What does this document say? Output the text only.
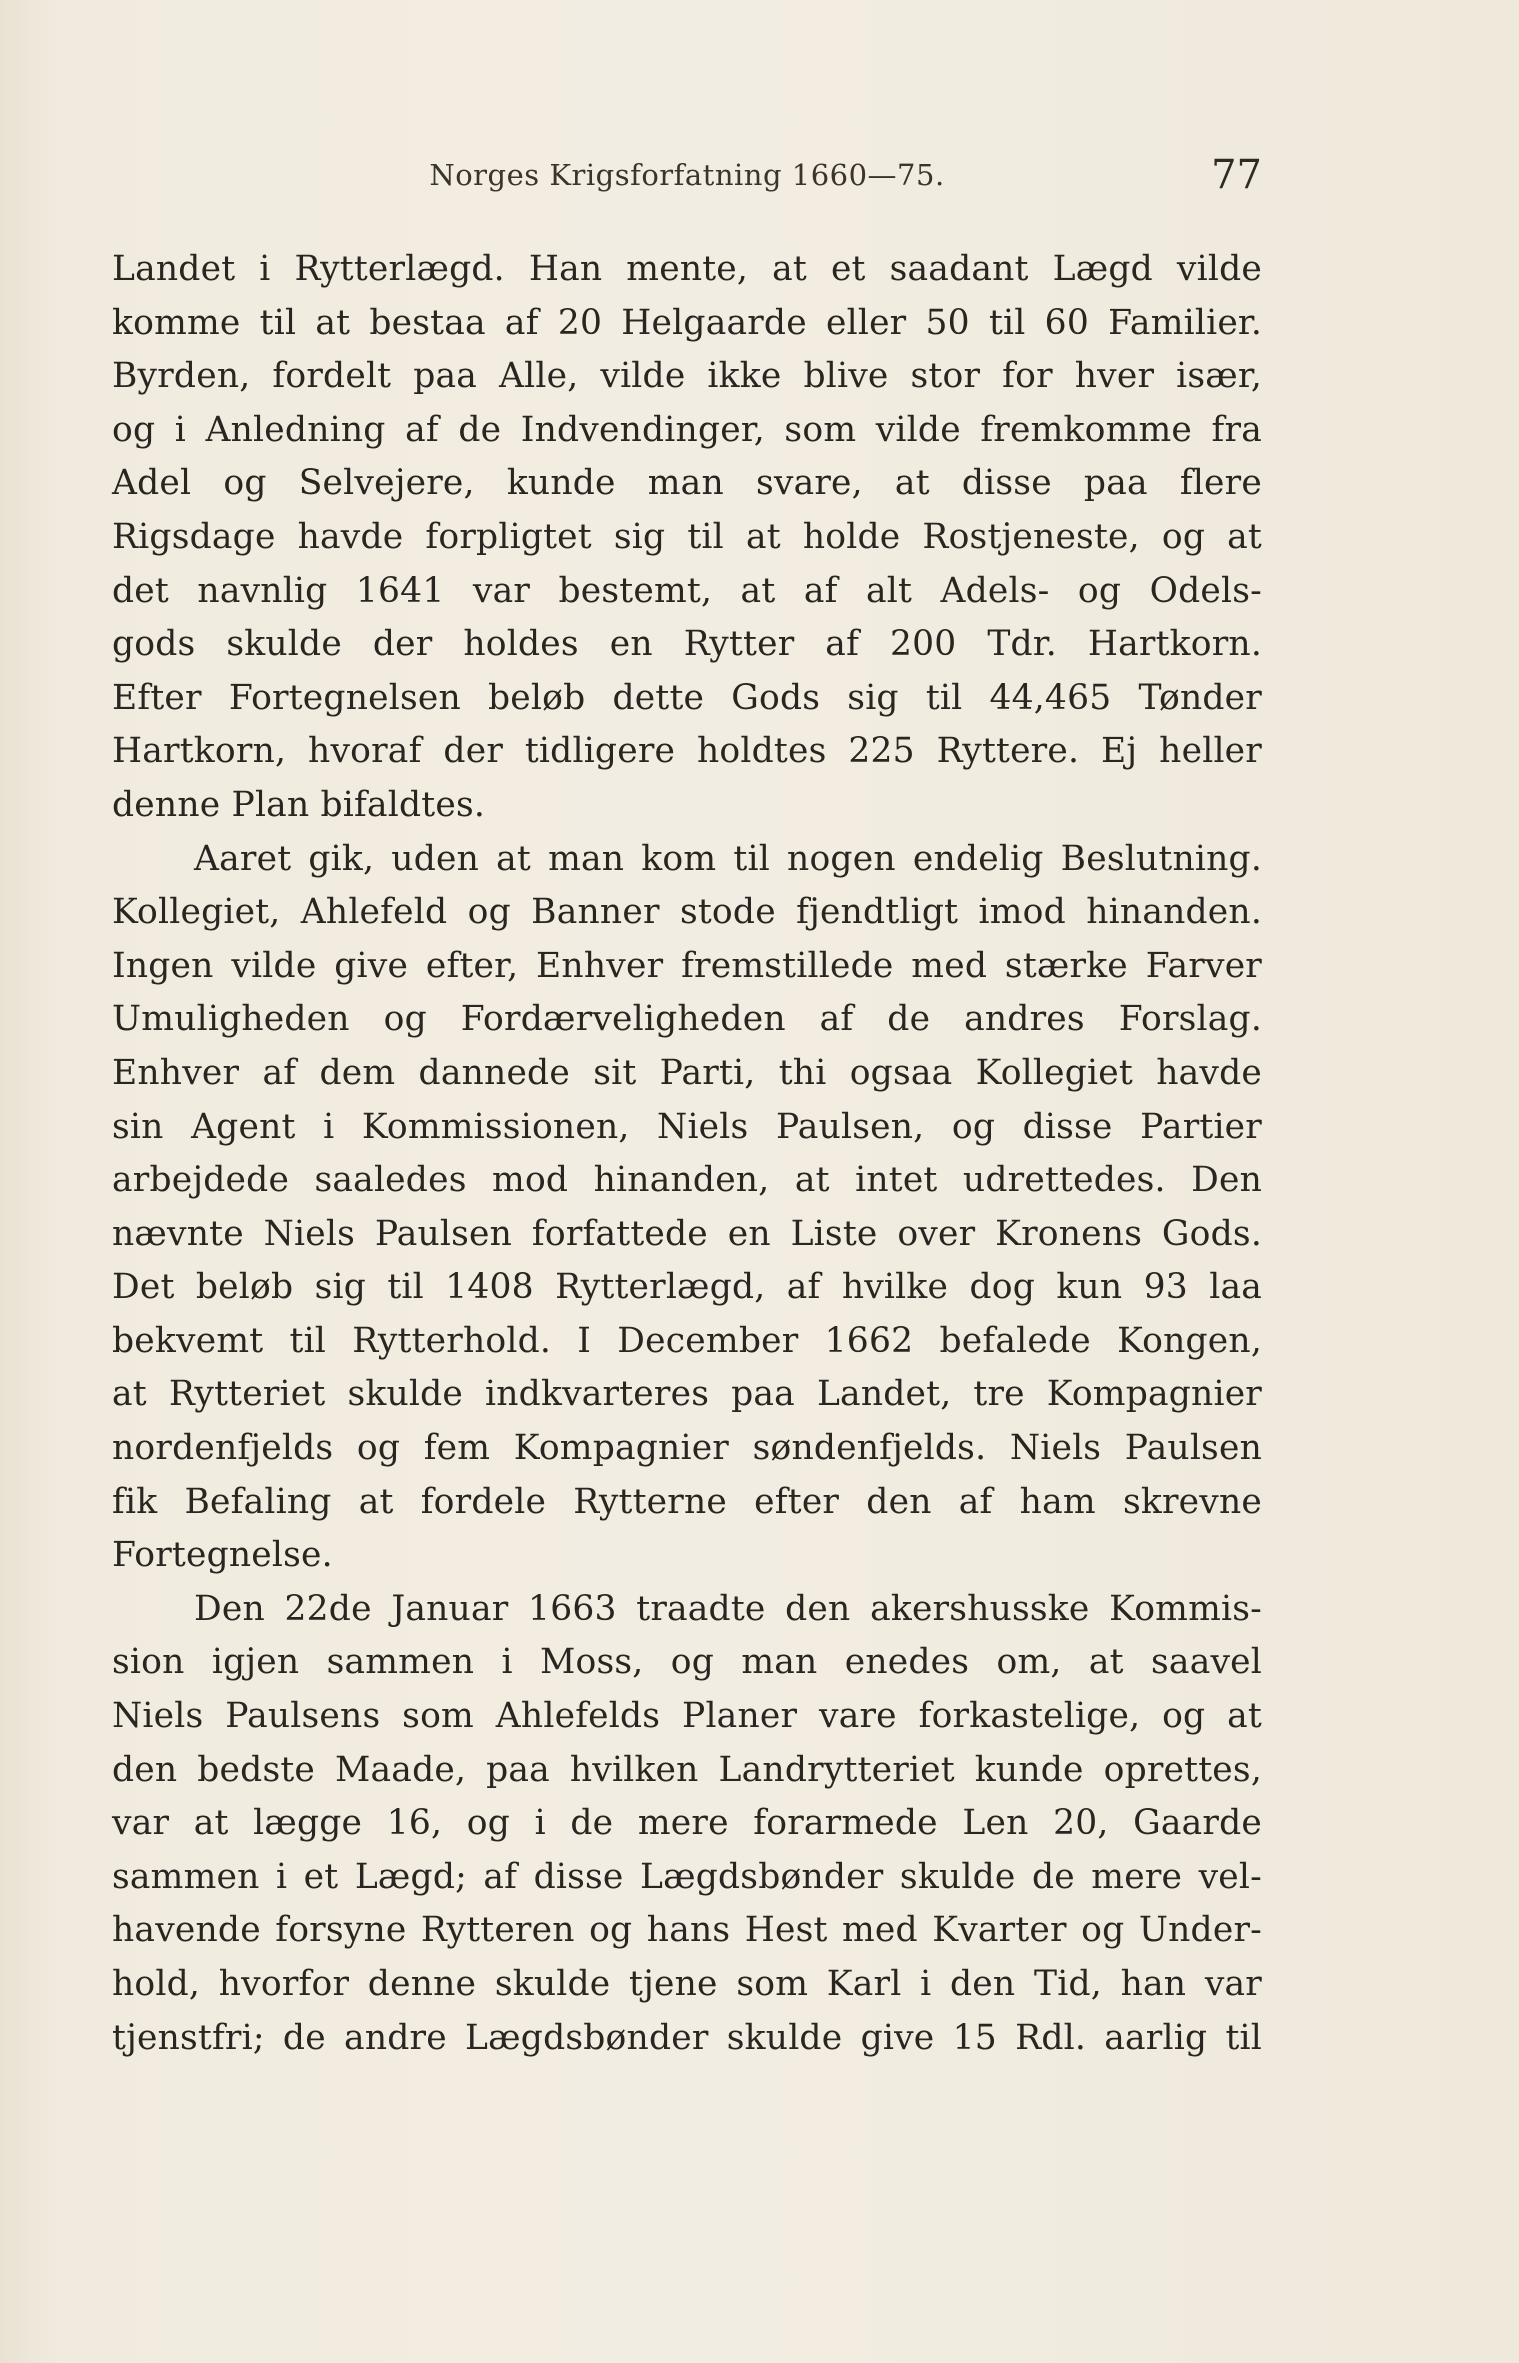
Norges Krigsforfatning 1660—75.	77
Landet i Rytterlægd. Han mente, at et saadant Lægd vilde
komme til at bestaa af 20 Helgaarde eller 50 til 60 Familier.
Byrden, fordelt paa Alle, vilde ikke blive stor for hver især,
og i Anledning af de Indvendinger, som vilde fremkomme fra
Adel og Selvejere, kunde man svare, at disse paa flere
Rigsdage havde forpligtet sig til at holde Rostjeneste, og at
det navnlig 1641 var bestemt, at af alt Adels- og Odels-
gods skulde der holdes en Rytter af 200 Tdr. Hartkorn.
Efter Fortegnelsen beløb dette Gods sig til 44,465 Tønder
Hartkorn, hvoraf der tidligere holdtes 225 Ryttere. Ej heller
denne Plan bifaldtes.
Aaret gik, uden at man kom til nogen endelig Beslutning.
Kollegiet, Ahlefeld og Banner stode fjendtligt imod hinanden.
Ingen vilde give efter, Enhver fremstillede med stærke Farver
Umuligheden og Fordærveligheden af de andres Forslag.
Enhver af dem dannede sit Parti, thi ogsaa Kollegiet havde
sin Agent i Kommissionen, Niels Paulsen, og disse Partier
arbejdede saaledes mod hinanden, at intet udrettedes. Den
nævnte Niels Paulsen forfattede en Liste over Kronens Gods.
Det beløb sig til 1408 Rytterlægd, af hvilke dog kun 93 laa
bekvemt til Rytterhold. I December 1662 befalede Kongen,
at Rytteriet skulde indkvarteres paa Landet, tre Kompagnier
nordenfjelds og fem Kompagnier søndenfjelds. Niels Paulsen
fik Befaling at fordele Rytterne efter den af ham skrevne
Fortegnelse.
Den 22de Januar 1663 traadte den akershusske Kommis-
sion igjen sammen i Moss, og man enedes om, at saavel
Niels Paulsens som Ahlefelds Planer vare forkastelige, og at
den bedste Maade, paa hvilken Landrytteriet kunde oprettes,
var at lægge 16, og i de mere forarmede Len 20, Gaarde
sammen i et Lægd; af disse Lægdsbønder skulde de mere vel-
havende forsyne Rytteren og hans Hest med Kvarter og Under-
hold, hvorfor denne skulde tjene som Karl i den Tid, han var
tjenstfri; de andre Lægdsbønder skulde give 15 Rdl. aarlig til
